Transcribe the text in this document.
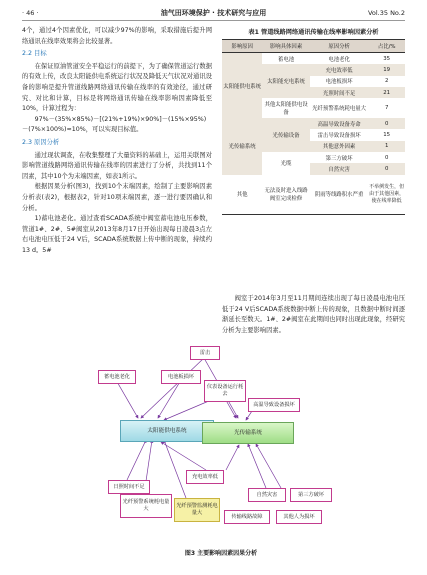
· 46 ·	油气田环境保护 · 技术研究与应用	Vol.35 No.2

4个，通过4个因素优化，可以减少97%的影响，采取措施后提升网络通讯在线率效果将会比较显著。

2.2 目标

在保证原油管道安全平稳运行的前提下，为了确保管道运行数据的有效上传，改良太阳能供电系统运行状况及降低天气状况对通讯设备的影响是提升管道线路网络通讯传输在线率的有效途径，通过研究、对比和计算，目标是将网络通讯传输在线率影响因素降低至10%，计算过程为：

97%－(35%×85%)－[(21%+19%)×90%]－(15%×95%)－(7%×100%)≈10%，可以实现目标值。

2.3 原因分析

通过现状调查，在收集整理了大量资料的基础上，运用关联图对影响管道线路网络通讯传输在线率的因素进行了分析，共找到11个因素，其中10个为末端因素，如表1所示。

根据因果分析(图3)，找到10个末端因素，绘制了主要影响因素分析表(表2)，根据表2，针对10项末端因素，逐一进行要因确认和分析。

1)蓄电池老化。通过查看SCADA系统中阀室蓄电池电压参数，管道1#、2#、5#阀室从2013年8月17日开始出现每日凌晨3点左右电池电压低于24 V后，SCADA系统数据上传中断的现象，持续约13 d。5#

表1 管道线路网络通讯传输在线率影响因素分析
影响原因	影响具体因素	原因分析	占比/%
太阳能供电系统	蓄电池	电池老化	35
	太阳能充电系统	充电效率低	19
		电池板损坏	2
		光照时间不足	21
	其他太阳能供电设备	光纤预警系统耗电量大	7
光传输系统	光传输设备	高温导致设备寿命	0
		雷击导致设备损坏	15
		其他意外因素	1
	光缆	第三方破坏	0
		自然灾害	0
其他	无法及时进入线路阀室完成检修	阴雨等线路积水严重	不举例发生，但由于其他因素，使在线率降低

阀室于2014年3月至11月期间连续出现了每日凌晨电池电压低于24 V后SCADA系统数据中断上传的现象，且数据中断时间逐渐延长至数天。1#、2#阀室在此期间也同时出现此现象，经研究分析为主要影响因素。

雷击
蓄电池老化	电池板损坏
仪表设备运行耗去
高温导致设备损坏
太阳能供电系统	光传输系统
充电效率低
日照时间不足
光纤预警系统耗电量大	光纤预警监测耗电量大
自然灾害	第三方破坏
传输线路故障	其他人为损坏
图3 主要影响因素因果分析
